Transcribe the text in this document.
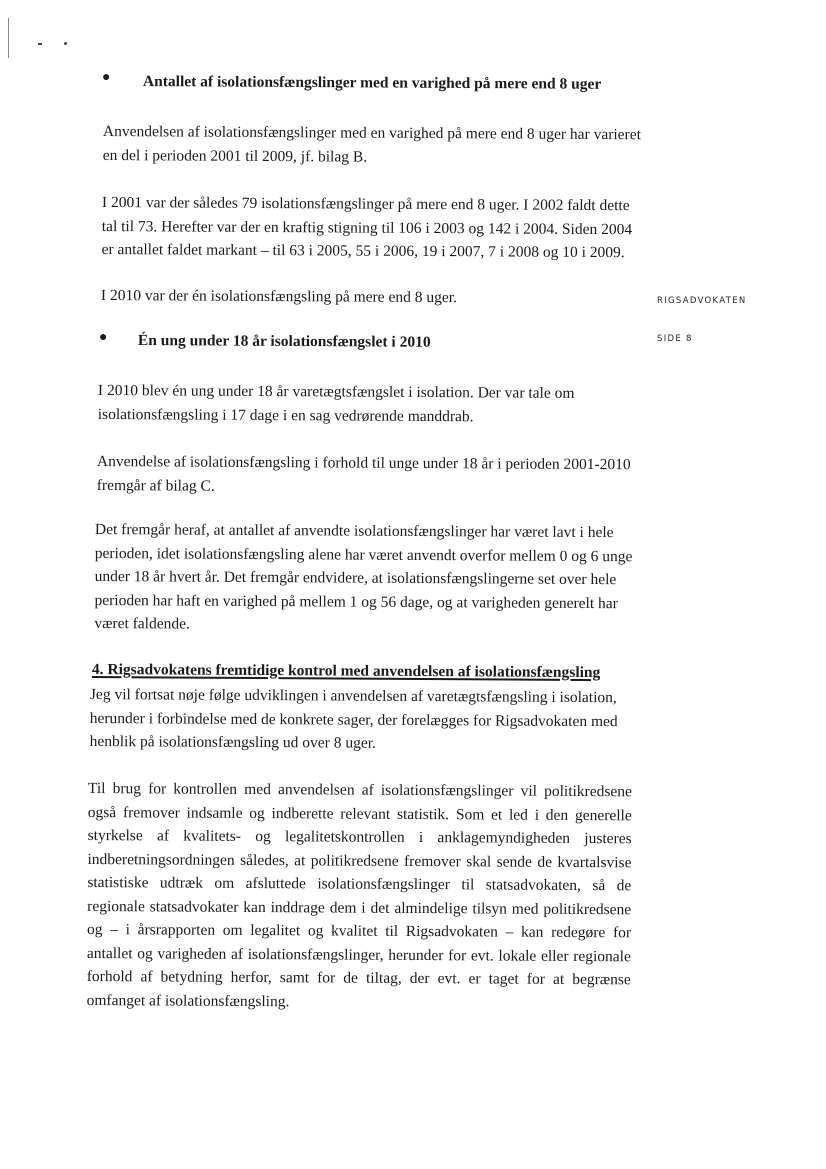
● Antallet af isolationsfængslinger med en varighed på mere end 8 uger

Anvendelsen af isolationsfængslinger med en varighed på mere end 8 uger har varieret en del i perioden 2001 til 2009, jf. bilag B.

I 2001 var der således 79 isolationsfængslinger på mere end 8 uger. I 2002 faldt dette tal til 73. Herefter var der en kraftig stigning til 106 i 2003 og 142 i 2004. Siden 2004 er antallet faldet markant – til 63 i 2005, 55 i 2006, 19 i 2007, 7 i 2008 og 10 i 2009.

I 2010 var der én isolationsfængsling på mere end 8 uger.	RIGSADVOKATEN
SIDE 8
● Én ung under 18 år isolationsfængslet i 2010

I 2010 blev én ung under 18 år varetægtsfængslet i isolation. Der var tale om isolationsfængsling i 17 dage i en sag vedrørende manddrab.

Anvendelse af isolationsfængsling i forhold til unge under 18 år i perioden 2001-2010 fremgår af bilag C.

Det fremgår heraf, at antallet af anvendte isolationsfængslinger har været lavt i hele perioden, idet isolationsfængsling alene har været anvendt overfor mellem 0 og 6 unge under 18 år hvert år. Det fremgår endvidere, at isolationsfængslingerne set over hele perioden har haft en varighed på mellem 1 og 56 dage, og at varigheden generelt har været faldende.

4. Rigsadvokatens fremtidige kontrol med anvendelsen af isolationsfængsling

Jeg vil fortsat nøje følge udviklingen i anvendelsen af varetægtsfængsling i isolation, herunder i forbindelse med de konkrete sager, der forelægges for Rigsadvokaten med henblik på isolationsfængsling ud over 8 uger.

Til brug for kontrollen med anvendelsen af isolationsfængslinger vil politikredsene også fremover indsamle og indberette relevant statistik. Som et led i den generelle styrkelse af kvalitets- og legalitetskontrollen i anklagemyndigheden justeres indberetningsordningen således, at politikredsene fremover skal sende de kvartalsvise statistiske udtræk om afsluttede isolationsfængslinger til statsadvokaten, så de regionale statsadvokater kan inddrage dem i det almindelige tilsyn med politikredsene og – i årsrapporten om legalitet og kvalitet til Rigsadvokaten – kan redegøre for antallet og varigheden af isolationsfængslinger, herunder for evt. lokale eller regionale forhold af betydning herfor, samt for de tiltag, der evt. er taget for at begrænse omfanget af isolationsfængsling.
